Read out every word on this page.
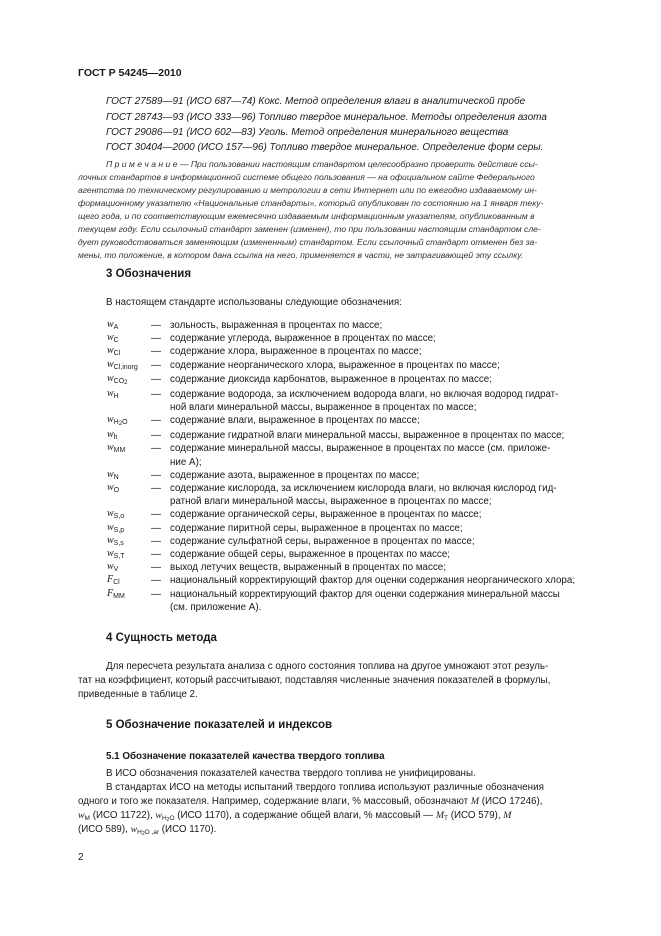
ГОСТ Р 54245—2010
ГОСТ 27589—91 (ИСО 687—74) Кокс. Метод определения влаги в аналитической пробе
ГОСТ 28743—93 (ИСО 333—96) Топливо твердое минеральное. Методы определения азота
ГОСТ 29086—91 (ИСО 602—83) Уголь. Метод определения минерального вещества
ГОСТ 30404—2000 (ИСО 157—96) Топливо твердое минеральное. Определение форм серы.
П р и м е ч а н и е — При пользовании настоящим стандартом целесообразно проверить действие ссы-
лочных стандартов в информационной системе общего пользования — на официальном сайте Федерального
агентства по техническому регулированию и метрологии в сети Интернет или по ежегодно издаваемому ин-
формационному указателю «Национальные стандарты», который опубликован по состоянию на 1 января теку-
щего года, и по соответствующим ежемесячно издаваемым информационным указателям, опубликованным в
текущем году. Если ссылочный стандарт заменен (изменен), то при пользовании настоящим стандартом сле-
дует руководствоваться заменяющим (измененным) стандартом. Если ссылочный стандарт отменен без за-
мены, то положение, в котором дана ссылка на него, применяется в части, не затрагивающей эту ссылку.
3 Обозначения
В настоящем стандарте использованы следующие обозначения:
$w_A$	— зольность, выраженная в процентах по массе;
$w_C$	— содержание углерода, выраженное в процентах по массе;
$w_{Cl}$	— содержание хлора, выраженное в процентах по массе;
$w_{Cl,inorg}$ — содержание неорганического хлора, выраженное в процентах по массе;
$w_{CO_2}$ — содержание диоксида карбонатов, выраженное в процентах по массе;
$w_H$	— содержание водорода, за исключением водорода влаги, но включая водород гидрат-
ной влаги минеральной массы, выраженное в процентах по массе;
$w_{H_2O}$ — содержание влаги, выраженное в процентах по массе;
$w_h$	— содержание гидратной влаги минеральной массы, выраженное в процентах по массе;
$w_{MM}$	— содержание минеральной массы, выраженное в процентах по массе (см. приложе-
ние А);
$w_N$	— содержание азота, выраженное в процентах по массе;
$w_O$	— содержание кислорода, за исключением кислорода влаги, но включая кислород гид-
ратной влаги минеральной массы, выраженное в процентах по массе;
$w_{S,o}$	— содержание органической серы, выраженное в процентах по массе;
$w_{S,p}$	— содержание пиритной серы, выраженное в процентах по массе;
$w_{S,s}$	— содержание сульфатной серы, выраженное в процентах по массе;
$w_{S,T}$	— содержание общей серы, выраженное в процентах по массе;
$w_V$	— выход летучих веществ, выраженный в процентах по массе;
$F_{Cl}$	— национальный корректирующий фактор для оценки содержания неорганического хлора;
$F_{MM}$	— национальный корректирующий фактор для оценки содержания минеральной массы
(см. приложение А).
4 Сущность метода
Для пересчета результата анализа с одного состояния топлива на другое умножают этот резуль-
тат на коэффициент, который рассчитывают, подставляя численные значения показателей в формулы,
приведенные в таблице 2.
5 Обозначение показателей и индексов
5.1 Обозначение показателей качества твердого топлива
В ИСО обозначения показателей качества твердого топлива не унифицированы.
В стандартах ИСО на методы испытаний твердого топлива используют различные обозначения
одного и того же показателя. Например, содержание влаги, % массовый, обозначают M (ИСО 17246),
$w_M$ (ИСО 11722), $w_{H2O}$ (ИСО 1170), а содержание общей влаги, % массовый — $M_T$ (ИСО 579), M
(ИСО 589), $w_{H2O ,ar}$ (ИСО 1170).
2
